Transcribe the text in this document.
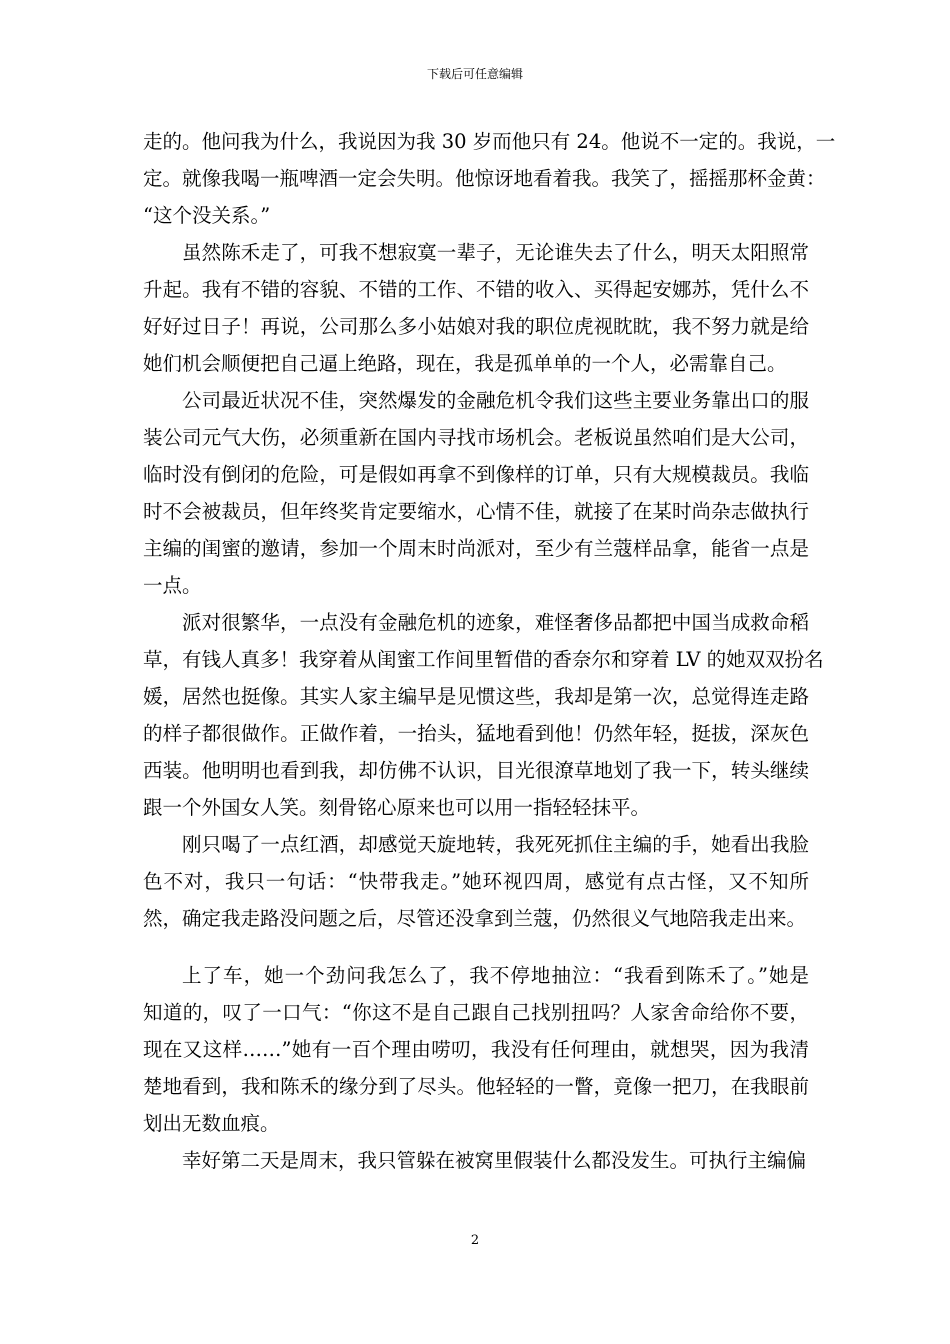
下载后可任意编辑
走的。他问我为什么，我说因为我 30 岁而他只有 24。他说不一定的。我说，一
定。就像我喝一瓶啤酒一定会失明。他惊讶地看着我。我笑了，摇摇那杯金黄：
“这个没关系。”
虽然陈禾走了，可我不想寂寞一辈子，无论谁失去了什么，明天太阳照常
升起。我有不错的容貌、不错的工作、不错的收入、买得起安娜苏，凭什么不
好好过日子！再说，公司那么多小姑娘对我的职位虎视眈眈，我不努力就是给
她们机会顺便把自己逼上绝路，现在，我是孤单单的一个人，必需靠自己。
公司最近状况不佳，突然爆发的金融危机令我们这些主要业务靠出口的服
装公司元气大伤，必须重新在国内寻找市场机会。老板说虽然咱们是大公司，
临时没有倒闭的危险，可是假如再拿不到像样的订单，只有大规模裁员。我临
时不会被裁员，但年终奖肯定要缩水，心情不佳，就接了在某时尚杂志做执行
主编的闺蜜的邀请，参加一个周末时尚派对，至少有兰蔻样品拿，能省一点是
一点。
派对很繁华，一点没有金融危机的迹象，难怪奢侈品都把中国当成救命稻
草，有钱人真多！我穿着从闺蜜工作间里暂借的香奈尔和穿着 LV 的她双双扮名
媛，居然也挺像。其实人家主编早是见惯这些，我却是第一次，总觉得连走路
的样子都很做作。正做作着，一抬头，猛地看到他！仍然年轻，挺拔，深灰色
西装。他明明也看到我，却仿佛不认识，目光很潦草地划了我一下，转头继续
跟一个外国女人笑。刻骨铭心原来也可以用一指轻轻抹平。
刚只喝了一点红酒，却感觉天旋地转，我死死抓住主编的手，她看出我脸
色不对，我只一句话：“快带我走。”她环视四周，感觉有点古怪，又不知所
然，确定我走路没问题之后，尽管还没拿到兰蔻，仍然很义气地陪我走出来。
上了车，她一个劲问我怎么了，我不停地抽泣：“我看到陈禾了。”她是
知道的，叹了一口气：“你这不是自己跟自己找别扭吗？人家舍命给你不要，
现在又这样……”她有一百个理由唠叨，我没有任何理由，就想哭，因为我清
楚地看到，我和陈禾的缘分到了尽头。他轻轻的一瞥，竟像一把刀，在我眼前
划出无数血痕。
幸好第二天是周末，我只管躲在被窝里假装什么都没发生。可执行主编偏
2
